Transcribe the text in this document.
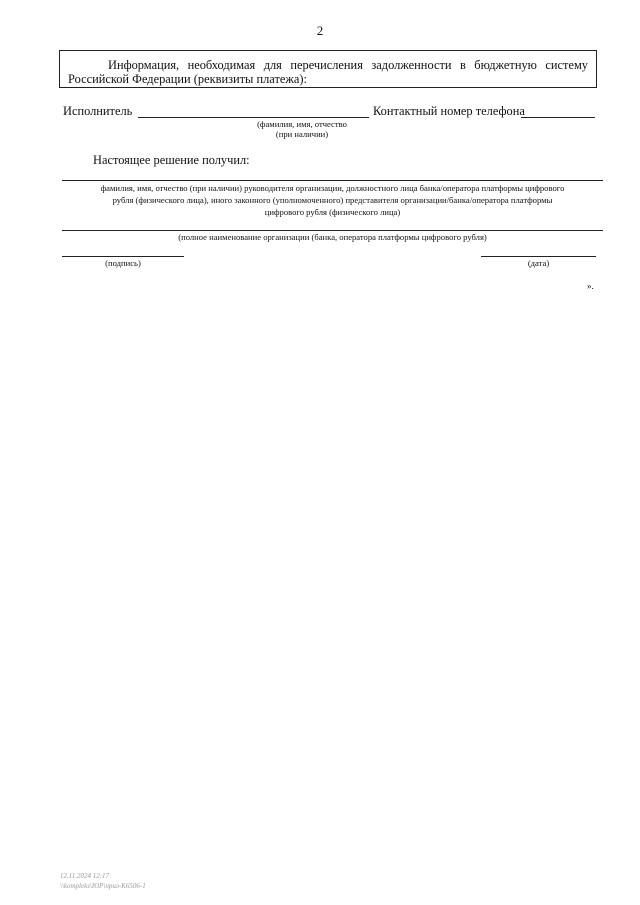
2
Информация, необходимая для перечисления задолженности в бюджетную систему
Российской Федерации (реквизиты платежа):
Исполнитель	Контактный номер телефона
(фамилия, имя, отчество
(при наличии)
Настоящее решение получил:
фамилия, имя, отчество (при наличии) руководителя организации, должностного лица банка/оператора платформы цифрового
рубля (физического лица), иного законного (уполномоченного) представителя организации/банка/оператора платформы
цифрового рубля (физического лица)
(полное наименование организации (банка, оператора платформы цифрового рубля)
(подпись)	(дата)
».
12.11.2024 12:17
\\kompleks\ЮР\прил-К6506-1
